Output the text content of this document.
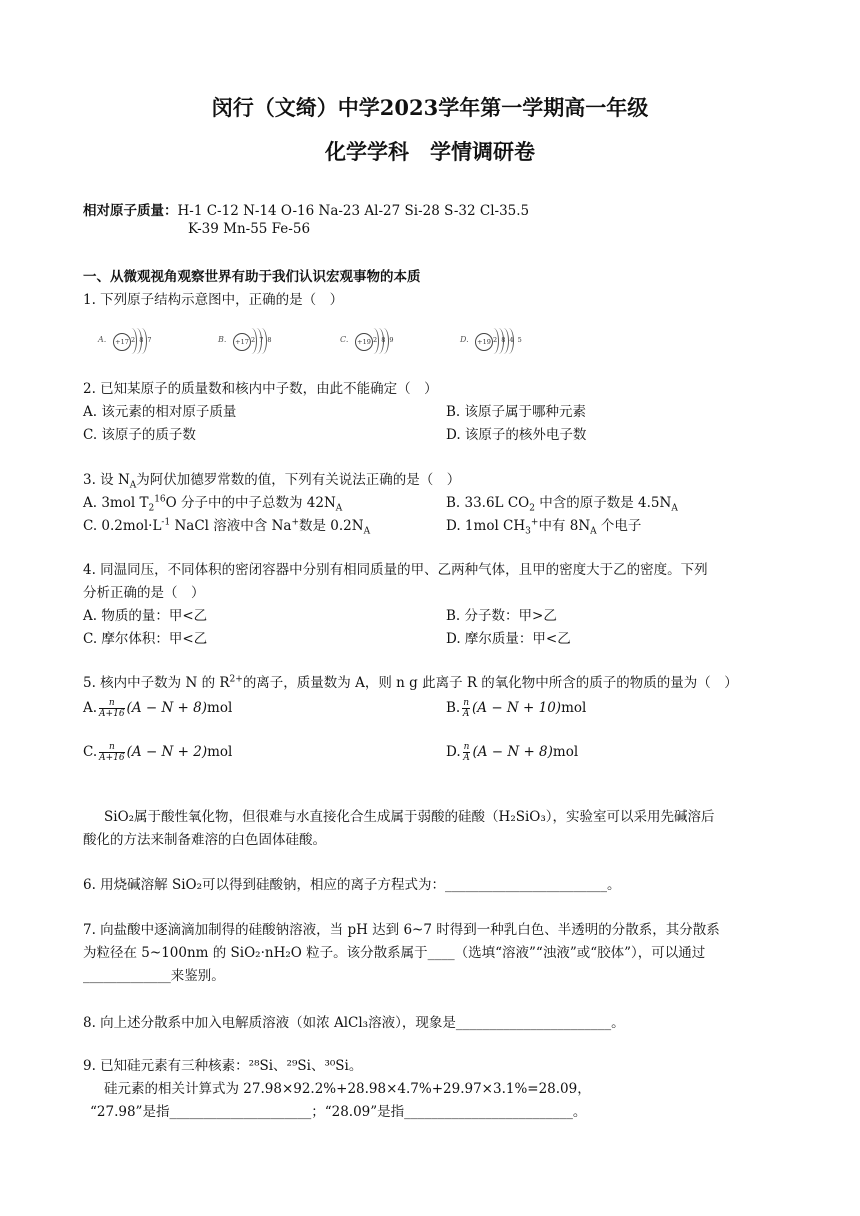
闵行（文绮）中学2023学年第一学期高一年级
化学学科　学情调研卷
相对原子质量：H-1 C-12 N-14 O-16 Na-23 Al-27 Si-28 S-32 Cl-35.5
K-39 Mn-55 Fe-56
一、从微观视角观察世界有助于我们认识宏观事物的本质
1. 下列原子结构示意图中，正确的是（　）
A.	+17 2 8 7	B.	+17 2 7 8	C.	+19 2 8 9	D.	+19 2 8 4 5
2. 已知某原子的质量数和核内中子数，由此不能确定（　）
A. 该元素的相对原子质量	B. 该原子属于哪种元素
C. 该原子的质子数	D. 该原子的核外电子数
3. 设 $N_A$为阿伏加德罗常数的值，下列有关说法正确的是（　）
A. 3mol $T_2^{16}O$ 分子中的中子总数为 $42N_A$	B. 33.6L $CO_2$ 中含的原子数是 $4.5N_A$
C. $0.2mol\cdot L^{-1}$ NaCl 溶液中含 Na+数是 $0.2N_A$	D. 1mol $CH_3^+$中有 $8N_A$ 个电子
4. 同温同压，不同体积的密闭容器中分别有相同质量的甲、乙两种气体，且甲的密度大于乙的密度。下列
分析正确的是（　）
A. 物质的量：甲<乙	B. 分子数：甲>乙
C. 摩尔体积：甲<乙	D. 摩尔质量：甲<乙
5. 核内中子数为 N 的 $R^{2+}$的离子，质量数为 A，则 n g 此离子 R 的氧化物中所含的质子的物质的量为（　）
A. $\frac{n}{A+16} (A - N + 8)mol$	B. $\frac{n}{A} (A - N + 10)mol$
C. $\frac{n}{A+16} (A - N + 2)mol$	D. $\frac{n}{A} (A - N + 8)mol$
SiO₂属于酸性氧化物，但很难与水直接化合生成属于弱酸的硅酸（H₂SiO₃），实验室可以采用先碱溶后
酸化的方法来制备难溶的白色固体硅酸。
6. 用烧碱溶解 SiO₂可以得到硅酸钠，相应的离子方程式为：________________________。
7. 向盐酸中逐滴滴加制得的硅酸钠溶液，当 pH 达到 6~7 时得到一种乳白色、半透明的分散系，其分散系
为粒径在 5~100nm 的 SiO₂·nH₂O 粒子。该分散系属于____（选填“溶液”“浊液”或“胶体”），可以通过
_____________来鉴别。
8. 向上述分散系中加入电解质溶液（如浓 AlCl₃溶液），现象是_______________________。
9. 已知硅元素有三种核素：²⁸Si、²⁹Si、³⁰Si。
硅元素的相关计算式为 27.98×92.2%+28.98×4.7%+29.97×3.1%=28.09，
“27.98”是指_____________________；“28.09”是指_________________________。
